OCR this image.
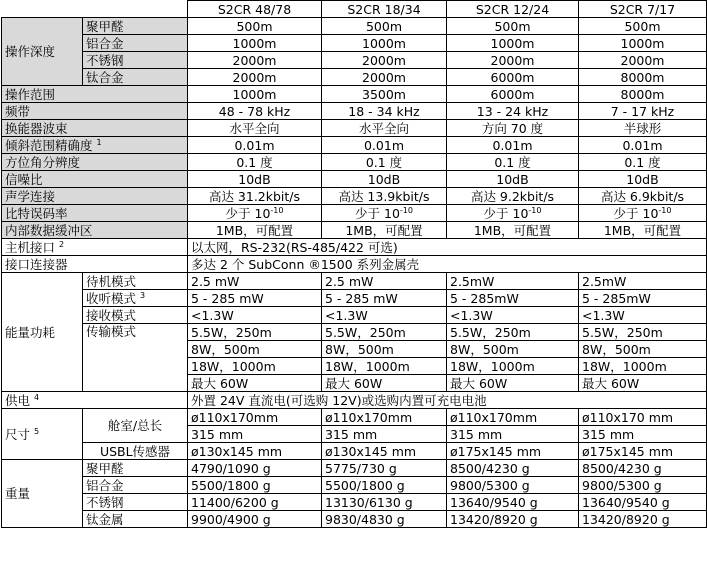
		S2CR 48/78	S2CR 18/34	S2CR 12/24	S2CR 7/17
操作深度	聚甲醛	500m	500m	500m	500m
	铝合金	1000m	1000m	1000m	1000m
	不锈钢	2000m	2000m	2000m	2000m
	钛合金	2000m	2000m	6000m	8000m
操作范围		1000m	3500m	6000m	8000m
频带		48 - 78 kHz	18 - 34 kHz	13 - 24 kHz	7 - 17 kHz
换能器波束		水平全向	水平全向	方向 70 度	半球形
倾斜范围精确度 $^1$		0.01m	0.01m	0.01m	0.01m
方位角分辨度		0.1 度	0.1 度	0.1 度	0.1 度
信噪比		10dB	10dB	10dB	10dB
声学连接		高达 31.2kbit/s	高达 13.9kbit/s	高达 9.2kbit/s	高达 6.9kbit/s
比特误码率		少于 $10^{-10}$	少于 $10^{-10}$	少于 $10^{-10}$	少于 $10^{-10}$
内部数据缓冲区		1MB，可配置	1MB，可配置	1MB，可配置	1MB，可配置
主机接口 $^2$		以太网，RS-232(RS-485/422 可选)			
接口连接器		多达 2 个 SubConn ®1500 系列金属壳			
能量功耗	待机模式	2.5 mW	2.5 mW	2.5mW	2.5mW
	收听模式 $^3$	5 - 285 mW	5 - 285 mW	5 - 285mW	5 - 285mW
	接收模式	<1.3W	<1.3W	<1.3W	<1.3W
	传输模式	5.5W，250m	5.5W，250m	5.5W，250m	5.5W，250m
		8W，500m	8W，500m	8W，500m	8W，500m
		18W，1000m	18W，1000m	18W，1000m	18W，1000m
		最大 60W	最大 60W	最大 60W	最大 60W
供电 $^4$		外置 24V 直流电(可选购 12V)或选购内置可充电电池			
尺寸 $^5$	舱室/总长	ø110x170mm	ø110x170mm	ø110x170mm	ø110x170 mm
		315 mm	315 mm	315 mm	315 mm
	USBL传感器	ø130x145 mm	ø130x145 mm	ø175x145 mm	ø175x145 mm
重量	聚甲醛	4790/1090 g	5775/730 g	8500/4230 g	8500/4230 g
	铝合金	5500/1800 g	5500/1800 g	9800/5300 g	9800/5300 g
	不锈钢	11400/6200 g	13130/6130 g	13640/9540 g	13640/9540 g
	钛金属	9900/4900 g	9830/4830 g	13420/8920 g	13420/8920 g
